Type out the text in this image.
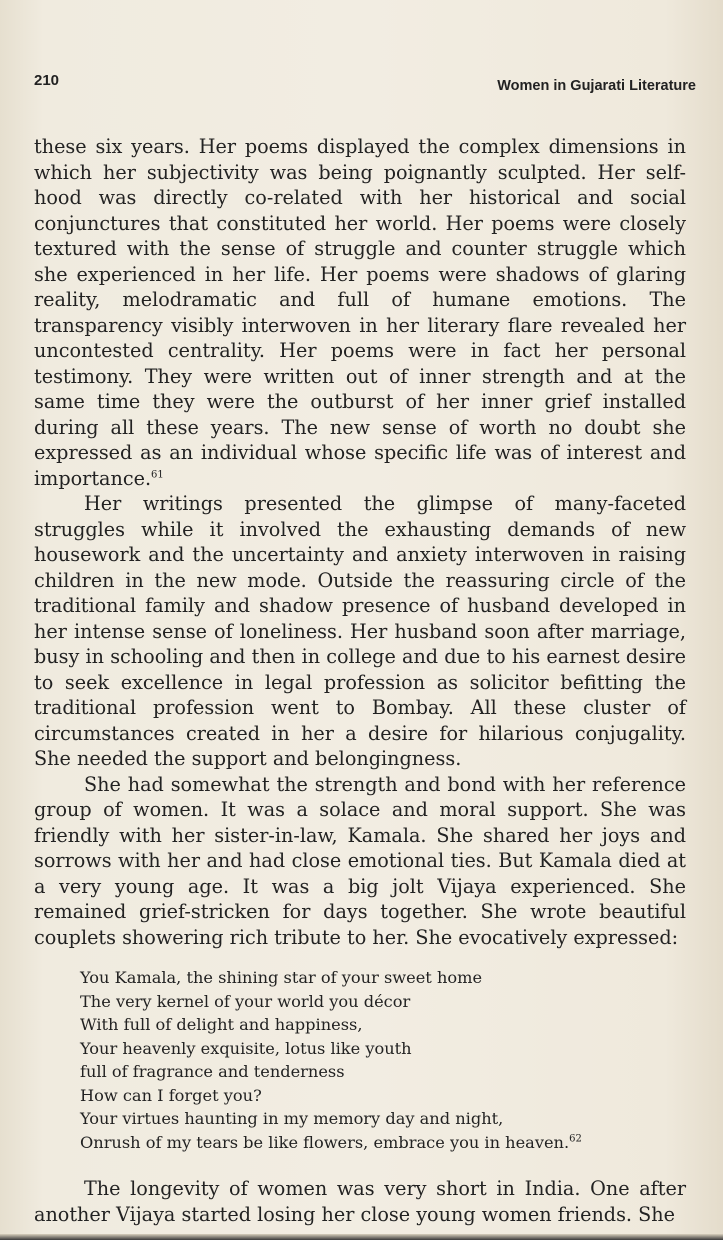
210	Women in Gujarati Literature

these six years. Her poems displayed the complex dimensions in which her subjectivity was being poignantly sculpted. Her self-hood was directly co-related with her historical and social conjunctures that constituted her world. Her poems were closely textured with the sense of struggle and counter struggle which she experienced in her life. Her poems were shadows of glaring reality, melodramatic and full of humane emotions. The transparency visibly interwoven in her literary flare revealed her uncontested centrality. Her poems were in fact her personal testimony. They were written out of inner strength and at the same time they were the outburst of her inner grief installed during all these years. The new sense of worth no doubt she expressed as an individual whose specific life was of interest and importance.$^{61}$

Her writings presented the glimpse of many-faceted struggles while it involved the exhausting demands of new housework and the uncertainty and anxiety interwoven in raising children in the new mode. Outside the reassuring circle of the traditional family and shadow presence of husband developed in her intense sense of loneliness. Her husband soon after marriage, busy in schooling and then in college and due to his earnest desire to seek excellence in legal profession as solicitor befitting the traditional profession went to Bombay. All these cluster of circumstances created in her a desire for hilarious conjugality. She needed the support and belongingness.

She had somewhat the strength and bond with her reference group of women. It was a solace and moral support. She was friendly with her sister-in-law, Kamala. She shared her joys and sorrows with her and had close emotional ties. But Kamala died at a very young age. It was a big jolt Vijaya experienced. She remained grief-stricken for days together. She wrote beautiful couplets showering rich tribute to her. She evocatively expressed:

You Kamala, the shining star of your sweet home
The very kernel of your world you décor
With full of delight and happiness,
Your heavenly exquisite, lotus like youth
full of fragrance and tenderness
How can I forget you?
Your virtues haunting in my memory day and night,
Onrush of my tears be like flowers, embrace you in heaven.$^{62}$

The longevity of women was very short in India. One after another Vijaya started losing her close young women friends. She
